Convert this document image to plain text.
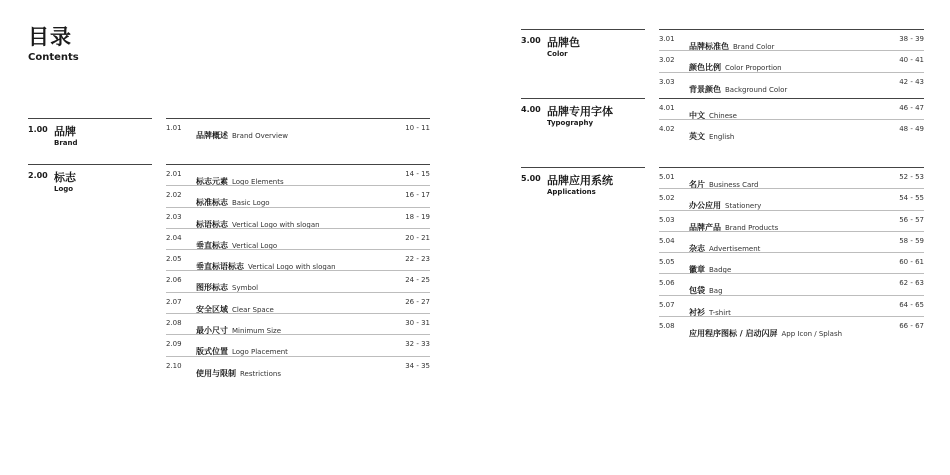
目录
Contents
1.00 品牌
Brand
1.01
品牌概述 Brand Overview
10 - 11
2.00 标志
Logo
2.01
标志元素 Logo Elements
14 - 15
2.02
标准标志 Basic Logo
16 - 17
2.03
标语标志 Vertical Logo with slogan
18 - 19
2.04
垂直标志 Vertical Logo
20 - 21
2.05
垂直标语标志 Vertical Logo with slogan
22 - 23
2.06
图形标志 Symbol
24 - 25
2.07
安全区域 Clear Space
26 - 27
2.08
最小尺寸 Minimum Size
30 - 31
2.09
版式位置 Logo Placement
32 - 33
2.10
使用与限制 Restrictions
34 - 35
3.00 品牌色
Color
3.01
品牌标准色 Brand Color
38 - 39
3.02
颜色比例 Color Proportion
40 - 41
3.03
背景颜色 Background Color
42 - 43
4.00 品牌专用字体
Typography
4.01
中文 Chinese
46 - 47
4.02
英文 English
48 - 49
5.00 品牌应用系统
Applications
5.01
名片 Business Card
52 - 53
5.02
办公应用 Stationery
54 - 55
5.03
品牌产品 Brand Products
56 - 57
5.04
杂志 Advertisement
58 - 59
5.05
徽章 Badge
60 - 61
5.06
包袋 Bag
62 - 63
5.07
衬衫 T-shirt
64 - 65
5.08
应用程序图标 / 启动闪屏 App Icon / Splash
66 - 67
